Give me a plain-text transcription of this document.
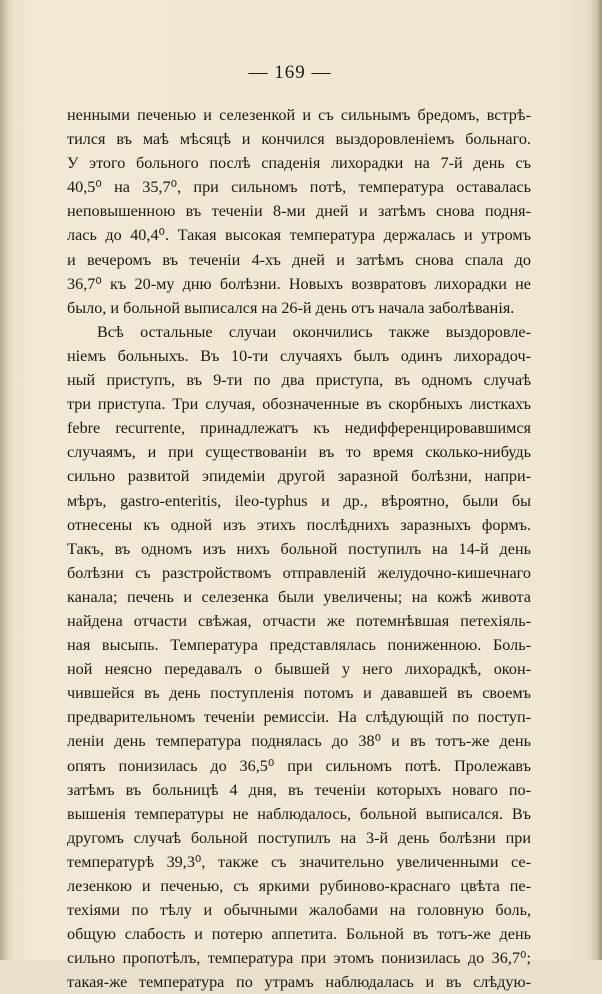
— 169 —
ненными печенью и селезенкой и съ сильнымъ бредомъ, встрѣ-
тился въ маѣ мѣсяцѣ и кончился выздоровленіемъ больнаго.
У этого больного послѣ спаденія лихорадки на 7-й день съ
40,5⁰ на 35,7⁰, при сильномъ потѣ, температура оставалась
неповышенною въ теченіи 8-ми дней и затѣмъ снова подня-
лась до 40,4⁰. Такая высокая температура держалась и утромъ
и вечеромъ въ теченіи 4-хъ дней и затѣмъ снова спала до
36,7⁰ къ 20-му дню болѣзни. Новыхъ возвратовъ лихорадки не
было, и больной выписался на 26-й день отъ начала заболѣванія.
Всѣ остальные случаи окончились также выздоровле-
ніемъ больныхъ. Въ 10-ти случаяхъ былъ одинъ лихорадоч-
ный приступъ, въ 9-ти по два приступа, въ одномъ случаѣ
три приступа. Три случая, обозначенные въ скорбныхъ листкахъ
febre recurrente, принадлежатъ къ недифференцировавшимся
случаямъ, и при существованіи въ то время сколько-нибудь
сильно развитой эпидеміи другой заразной болѣзни, напри-
мѣръ, gastro-enteritis, ileo-typhus и др., вѣроятно, были бы
отнесены къ одной изъ этихъ послѣднихъ заразныхъ формъ.
Такъ, въ одномъ изъ нихъ больной поступилъ на 14-й день
болѣзни съ разстройствомъ отправленій желудочно-кишечнаго
канала; печень и селезенка были увеличены; на кожѣ живота
найдена отчасти свѣжая, отчасти же потемнѣвшая петехіяль-
ная высыпь. Температура представлялась пониженною. Боль-
ной неясно передавалъ о бывшей у него лихорадкѣ, окон-
чившейся въ день поступленія потомъ и дававшей въ своемъ
предварительномъ теченіи ремиссіи. На слѣдующій по поступ-
леніи день температура поднялась до 38⁰ и въ тотъ-же день
опять понизилась до 36,5⁰ при сильномъ потѣ. Пролежавъ
затѣмъ въ больницѣ 4 дня, въ теченіи которыхъ новаго по-
вышенія температуры не наблюдалось, больной выписался. Въ
другомъ случаѣ больной поступилъ на 3-й день болѣзни при
температурѣ 39,3⁰, также съ значительно увеличенными се-
лезенкою и печенью, съ яркими рубиново-краснаго цвѣта пе-
техіями по тѣлу и обычными жалобами на головную боль,
общую слабость и потерю аппетита. Больной въ тотъ-же день
сильно пропотѣлъ, температура при этомъ понизилась до 36,7⁰;
такая-же температура по утрамъ наблюдалась и въ слѣдую-
